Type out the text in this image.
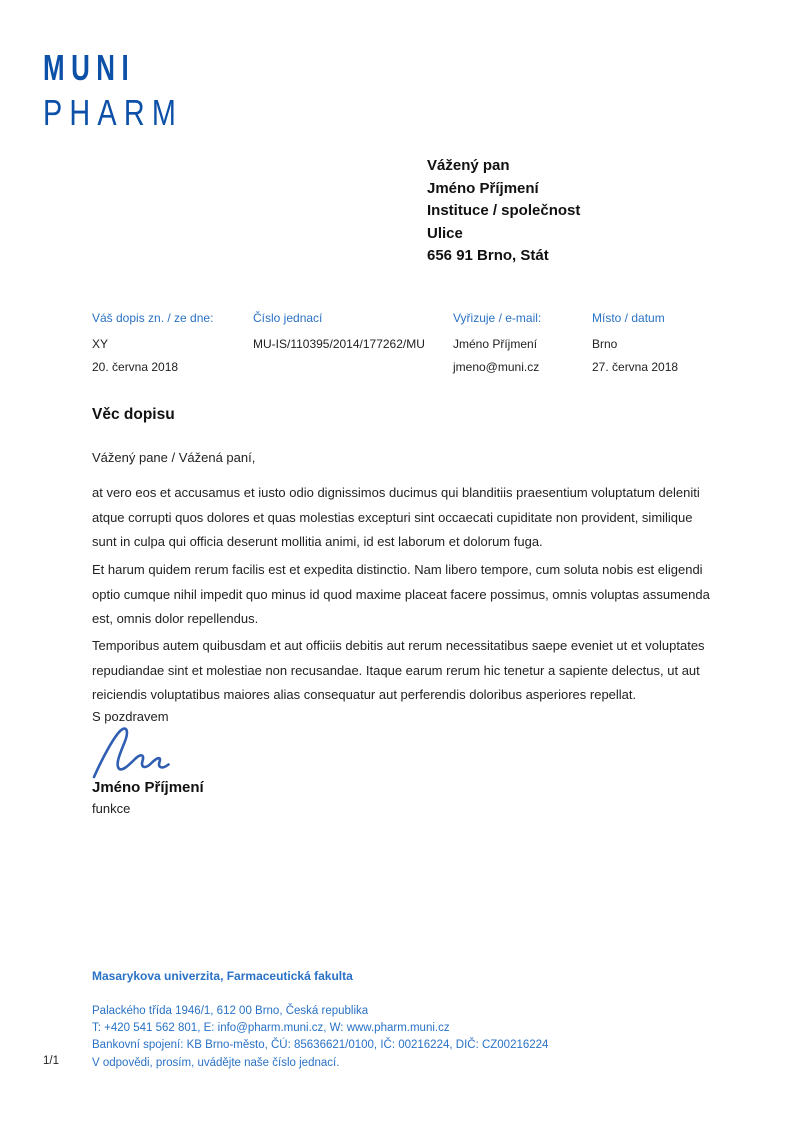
MUNI
PHARM
Vážený pan
Jméno Příjmení
Instituce / společnost
Ulice
656 91 Brno, Stát
Váš dopis zn. / ze dne:
XY
20. června 2018
Číslo jednací
MU-IS/110395/2014/177262/MU
Vyřizuje / e-mail:
Jméno Příjmení
jmeno@muni.cz
Místo / datum
Brno
27. června 2018
Věc dopisu
Vážený pane / Vážená paní,
at vero eos et accusamus et iusto odio dignissimos ducimus qui blanditiis praesentium voluptatum deleniti atque corrupti quos dolores et quas molestias excepturi sint occaecati cupiditate non provident, similique sunt in culpa qui officia deserunt mollitia animi, id est laborum et dolorum fuga.
Et harum quidem rerum facilis est et expedita distinctio. Nam libero tempore, cum soluta nobis est eligendi optio cumque nihil impedit quo minus id quod maxime placeat facere possimus, omnis voluptas assumenda est, omnis dolor repellendus.
Temporibus autem quibusdam et aut officiis debitis aut rerum necessitatibus saepe eveniet ut et voluptates repudiandae sint et molestiae non recusandae. Itaque earum rerum hic tenetur a sapiente delectus, ut aut reiciendis voluptatibus maiores alias consequatur aut perferendis doloribus asperiores repellat.
S pozdravem
Jméno Příjmení
funkce
Masarykova univerzita, Farmaceutická fakulta
Palackého třída 1946/1, 612 00 Brno, Česká republika
T: +420 541 562 801, E: info@pharm.muni.cz, W: www.pharm.muni.cz
Bankovní spojení: KB Brno-město, ČÚ: 85636621/0100, IČ: 00216224, DIČ: CZ00216224
V odpovědi, prosím, uvádějte naše číslo jednací.
1/1
